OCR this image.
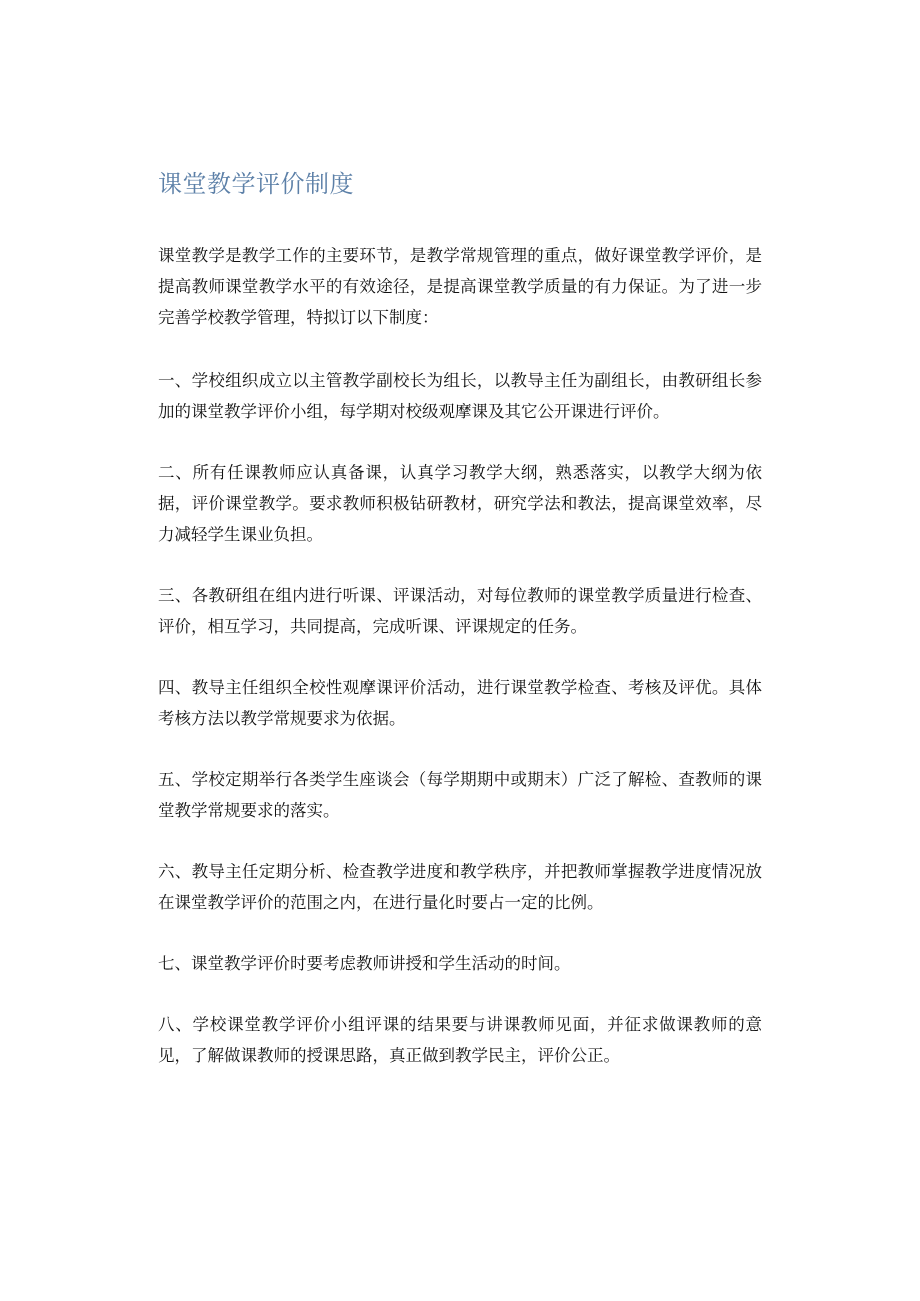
课堂教学评价制度

课堂教学是教学工作的主要环节，是教学常规管理的重点，做好课堂教学评价，是提高教师课堂教学水平的有效途径，是提高课堂教学质量的有力保证。为了进一步完善学校教学管理，特拟订以下制度：

一、学校组织成立以主管教学副校长为组长，以教导主任为副组长，由教研组长参加的课堂教学评价小组，每学期对校级观摩课及其它公开课进行评价。

二、所有任课教师应认真备课，认真学习教学大纲，熟悉落实，以教学大纲为依据，评价课堂教学。要求教师积极钻研教材，研究学法和教法，提高课堂效率，尽力减轻学生课业负担。

三、各教研组在组内进行听课、评课活动，对每位教师的课堂教学质量进行检查、评价，相互学习，共同提高，完成听课、评课规定的任务。

四、教导主任组织全校性观摩课评价活动，进行课堂教学检查、考核及评优。具体考核方法以教学常规要求为依据。

五、学校定期举行各类学生座谈会（每学期期中或期末）广泛了解检、查教师的课堂教学常规要求的落实。

六、教导主任定期分析、检查教学进度和教学秩序，并把教师掌握教学进度情况放在课堂教学评价的范围之内，在进行量化时要占一定的比例。

七、课堂教学评价时要考虑教师讲授和学生活动的时间。

八、学校课堂教学评价小组评课的结果要与讲课教师见面，并征求做课教师的意见，了解做课教师的授课思路，真正做到教学民主，评价公正。
